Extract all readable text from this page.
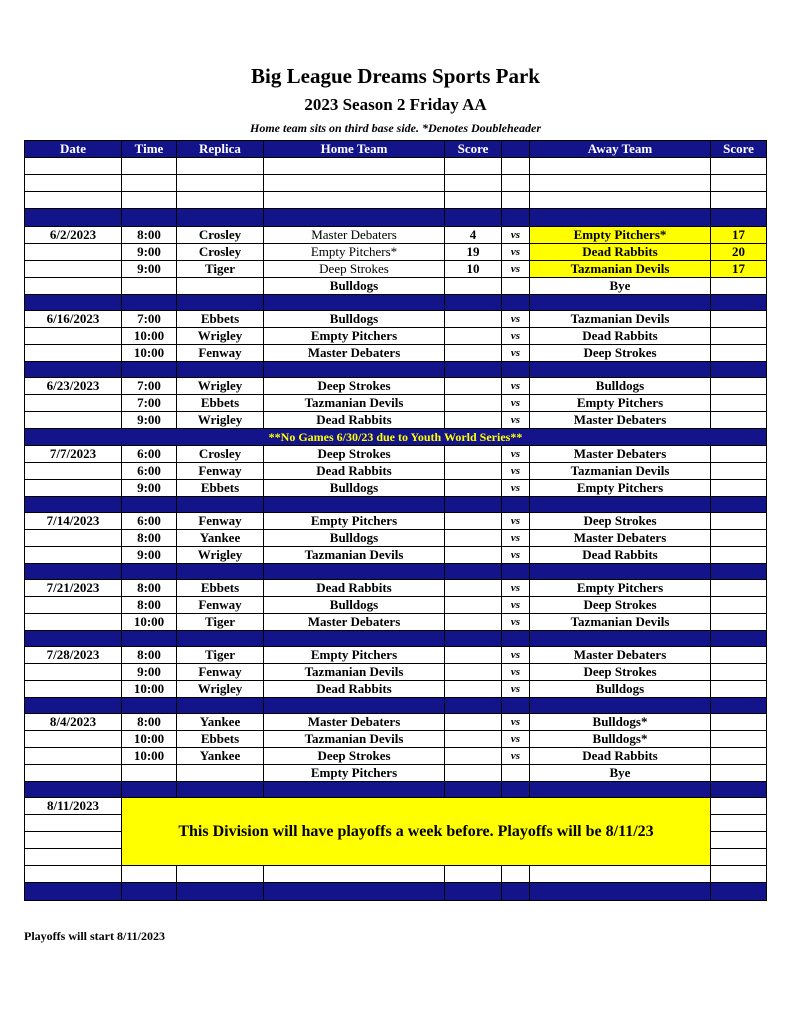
Big League Dreams Sports Park
2023 Season 2 Friday AA
Home team sits on third base side. *Denotes Doubleheader
Date	Time	Replica	Home Team	Score		Away Team	Score

6/2/2023	8:00	Crosley	Master Debaters	4	vs	Empty Pitchers*	17
	9:00	Crosley	Empty Pitchers*	19	vs	Dead Rabbits	20
	9:00	Tiger	Deep Strokes	10	vs	Tazmanian Devils	17
			Bulldogs			Bye	

6/16/2023	7:00	Ebbets	Bulldogs		vs	Tazmanian Devils	
	10:00	Wrigley	Empty Pitchers		vs	Dead Rabbits	
	10:00	Fenway	Master Debaters		vs	Deep Strokes	

6/23/2023	7:00	Wrigley	Deep Strokes		vs	Bulldogs	
	7:00	Ebbets	Tazmanian Devils		vs	Empty Pitchers	
	9:00	Wrigley	Dead Rabbits		vs	Master Debaters	
**No Games 6/30/23 due to Youth World Series**							
7/7/2023	6:00	Crosley	Deep Strokes		vs	Master Debaters	
	6:00	Fenway	Dead Rabbits		vs	Tazmanian Devils	
	9:00	Ebbets	Bulldogs		vs	Empty Pitchers	

7/14/2023	6:00	Fenway	Empty Pitchers		vs	Deep Strokes	
	8:00	Yankee	Bulldogs		vs	Master Debaters	
	9:00	Wrigley	Tazmanian Devils		vs	Dead Rabbits	

7/21/2023	8:00	Ebbets	Dead Rabbits		vs	Empty Pitchers	
	8:00	Fenway	Bulldogs		vs	Deep Strokes	
	10:00	Tiger	Master Debaters		vs	Tazmanian Devils	

7/28/2023	8:00	Tiger	Empty Pitchers		vs	Master Debaters	
	9:00	Fenway	Tazmanian Devils		vs	Deep Strokes	
	10:00	Wrigley	Dead Rabbits		vs	Bulldogs	

8/4/2023	8:00	Yankee	Master Debaters		vs	Bulldogs*	
	10:00	Ebbets	Tazmanian Devils		vs	Bulldogs*	
	10:00	Yankee	Deep Strokes		vs	Dead Rabbits	
			Empty Pitchers			Bye	

8/11/2023	This Division will have playoffs a week before. Playoffs will be 8/11/23						

Playoffs will start 8/11/2023
